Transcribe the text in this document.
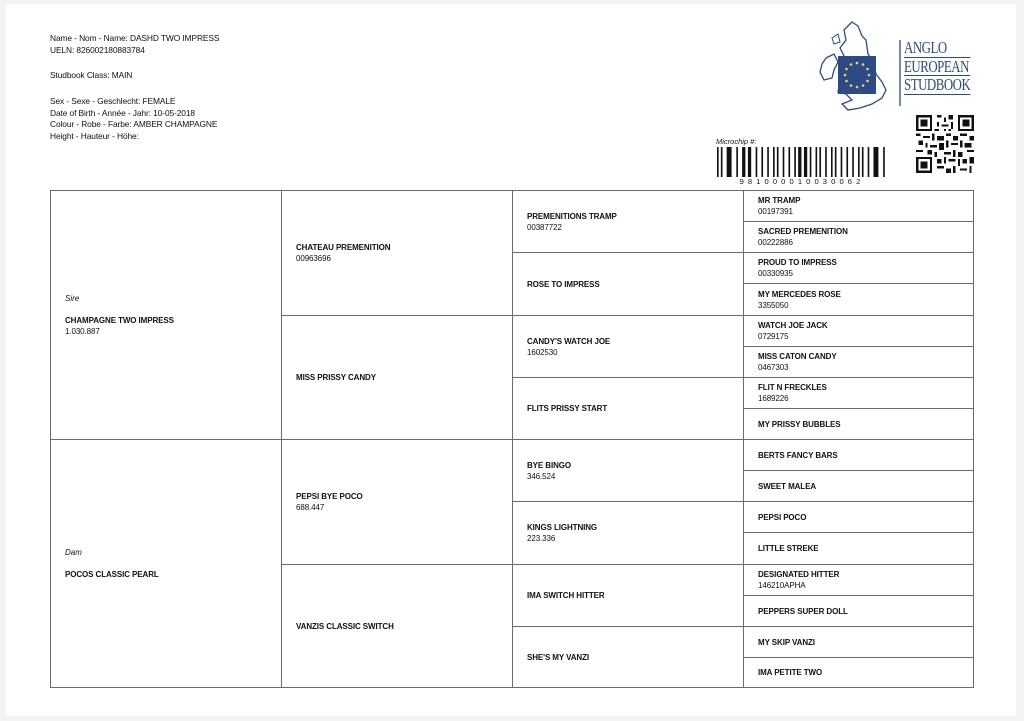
Name - Nom - Name: DASHD TWO IMPRESS
UELN: 826002180883784
Studbook Class: MAIN
Sex - Sexe - Geschlecht: FEMALE
Date of Birth - Année - Jahr: 10-05-2018
Colour - Robe - Farbe: AMBER CHAMPAGNE
Height - Hauteur - Höhe:
ANGLO
EUROPEAN
STUDBOOK
Microchip #:
981000010030062
Sire
CHAMPAGNE TWO IMPRESS
1.030.887
Dam
POCOS CLASSIC PEARL
CHATEAU PREMENITION
00963696
MISS PRISSY CANDY
PEPSI BYE POCO
688.447
VANZIS CLASSIC SWITCH
PREMENITIONS TRAMP
00387722
ROSE TO IMPRESS
CANDY'S WATCH JOE
1602530
FLITS PRISSY START
BYE BINGO
346.524
KINGS LIGHTNING
223.336
IMA SWITCH HITTER
SHE'S MY VANZI
MR TRAMP
00197391
SACRED PREMENITION
00222886
PROUD TO IMPRESS
00330935
MY MERCEDES ROSE
3355050
WATCH JOE JACK
0729175
MISS CATON CANDY
0467303
FLIT N FRECKLES
1689226
MY PRISSY BUBBLES
BERTS FANCY BARS
SWEET MALEA
PEPSI POCO
LITTLE STREKE
DESIGNATED HITTER
146210APHA
PEPPERS SUPER DOLL
MY SKIP VANZI
IMA PETITE TWO
